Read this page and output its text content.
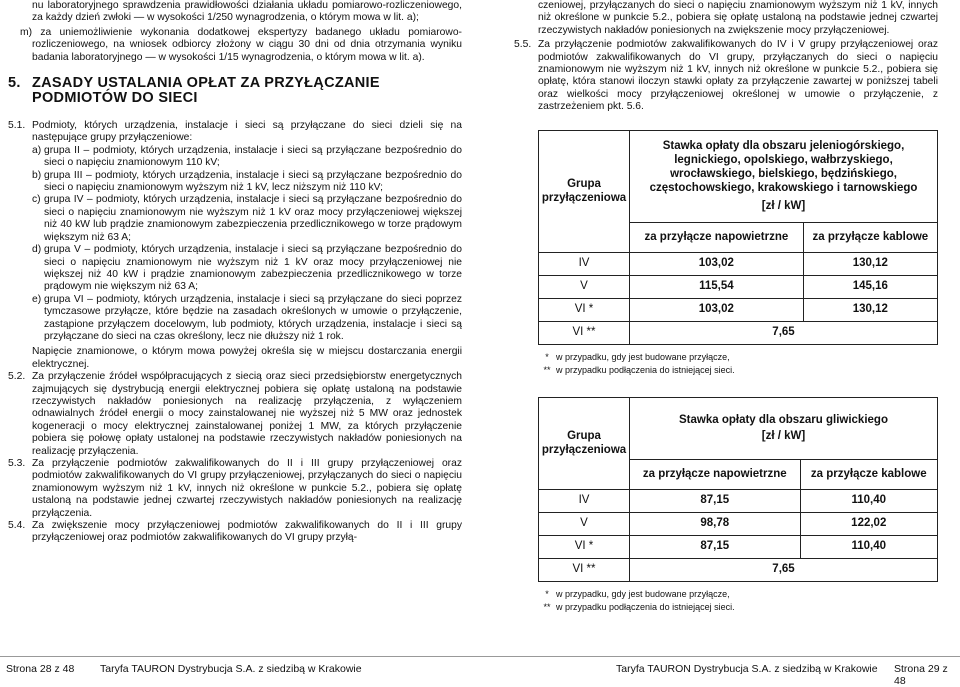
nu laboratoryjnego sprawdzenia prawidłowości działania układu pomiarowo-rozliczeniowego, za każdy dzień zwłoki — w wysokości 1/250 wynagrodzenia, o którym mowa w lit. a);

m) za uniemożliwienie wykonania dodatkowej ekspertyzy badanego układu pomiarowo-rozliczeniowego, na wniosek odbiorcy złożony w ciągu 30 dni od dnia otrzymania wyniku badania laboratoryjnego — w wysokości 1/15 wynagrodzenia, o którym mowa w lit. a).

5. ZASADY USTALANIA OPŁAT ZA PRZYŁĄCZANIE PODMIOTÓW DO SIECI
5.1. Podmioty, których urządzenia, instalacje i sieci są przyłączane do sieci dzieli się na następujące grupy przyłączeniowe:
a) grupa II – podmioty, których urządzenia, instalacje i sieci są przyłączane bezpośrednio do sieci o napięciu znamionowym 110 kV;
b) grupa III – podmioty, których urządzenia, instalacje i sieci są przyłączane bezpośrednio do sieci o napięciu znamionowym wyższym niż 1 kV, lecz niższym niż 110 kV;
c) grupa IV – podmioty, których urządzenia, instalacje i sieci są przyłączane bezpośrednio do sieci o napięciu znamionowym nie wyższym niż 1 kV oraz mocy przyłączeniowej większej niż 40 kW lub prądzie znamionowym zabezpieczenia przedlicznikowego w torze prądowym większym niż 63 A;
d) grupa V – podmioty, których urządzenia, instalacje i sieci są przyłączane bezpośrednio do sieci o napięciu znamionowym nie wyższym niż 1 kV oraz mocy przyłączeniowej nie większej niż 40 kW i prądzie znamionowym zabezpieczenia przedlicznikowego w torze prądowym nie większym niż 63 A;
e) grupa VI – podmioty, których urządzenia, instalacje i sieci są przyłączane do sieci poprzez tymczasowe przyłącze, które będzie na zasadach określonych w umowie o przyłączenie, zastąpione przyłączem docelowym, lub podmioty, których urządzenia, instalacje i sieci są przyłączane do sieci na czas określony, lecz nie dłuższy niż 1 rok.

Napięcie znamionowe, o którym mowa powyżej określa się w miejscu dostarczania energii elektrycznej.

5.2. Za przyłączenie źródeł współpracujących z siecią oraz sieci przedsiębiorstw energetycznych zajmujących się dystrybucją energii elektrycznej pobiera się opłatę ustaloną na podstawie rzeczywistych nakładów poniesionych na realizację przyłączenia, z wyłączeniem odnawialnych źródeł energii o mocy zainstalowanej nie wyższej niż 5 MW oraz jednostek kogeneracji o mocy elektrycznej zainstalowanej poniżej 1 MW, za których przyłączenie pobiera się połowę opłaty ustalonej na podstawie rzeczywistych nakładów poniesionych na realizację przyłączenia.
5.3. Za przyłączenie podmiotów zakwalifikowanych do II i III grupy przyłączeniowej oraz podmiotów zakwalifikowanych do VI grupy przyłączeniowej, przyłączanych do sieci o napięciu znamionowym wyższym niż 1 kV, innych niż określone w punkcie 5.2., pobiera się opłatę ustaloną na podstawie jednej czwartej rzeczywistych nakładów poniesionych na realizację przyłączenia.
5.4. Za zwiększenie mocy przyłączeniowej podmiotów zakwalifikowanych do II i III grupy przyłączeniowej oraz podmiotów zakwalifikowanych do VI grupy przyłą-
Strona 28 z 48 Taryfa TAURON Dystrybucja S.A. z siedzibą w Krakowie

czeniowej, przyłączanych do sieci o napięciu znamionowym wyższym niż 1 kV, innych niż określone w punkcie 5.2., pobiera się opłatę ustaloną na podstawie jednej czwartej rzeczywistych nakładów poniesionych na zwiększenie mocy przyłączeniowej.

5.5. Za przyłączenie podmiotów zakwalifikowanych do IV i V grupy przyłączeniowej oraz podmiotów zakwalifikowanych do VI grupy, przyłączanych do sieci o napięciu znamionowym nie wyższym niż 1 kV, innych niż określone w punkcie 5.2., pobiera się opłatę, która stanowi iloczyn stawki opłaty za przyłączenie zawartej w poniższej tabeli oraz wielkości mocy przyłączeniowej określonej w umowie o przyłączenie, z zastrzeżeniem pkt. 5.6.
Grupa przyłączeniowa	Stawka opłaty dla obszaru jeleniogórskiego, legnickiego, opolskiego, wałbrzyskiego, wrocławskiego, bielskiego, będzińskiego, częstochowskiego, krakowskiego i tarnowskiego
[zł / kW]	

	za przyłącze napowietrzne	za przyłącze kablowe
IV	103,02	130,12
V	115,54	145,16
VI *	103,02	130,12
VI **	7,65	
* w przypadku, gdy jest budowane przyłącze,
** w przypadku podłączenia do istniejącej sieci.
Grupa przyłączeniowa	Stawka opłaty dla obszaru gliwickiego
[zł / kW]	

	za przyłącze napowietrzne	za przyłącze kablowe
IV	87,15	110,40
V	98,78	122,02
VI *	87,15	110,40
VI **	7,65	
* w przypadku, gdy jest budowane przyłącze,
** w przypadku podłączenia do istniejącej sieci.
Taryfa TAURON Dystrybucja S.A. z siedzibą w Krakowie Strona 29 z 48
